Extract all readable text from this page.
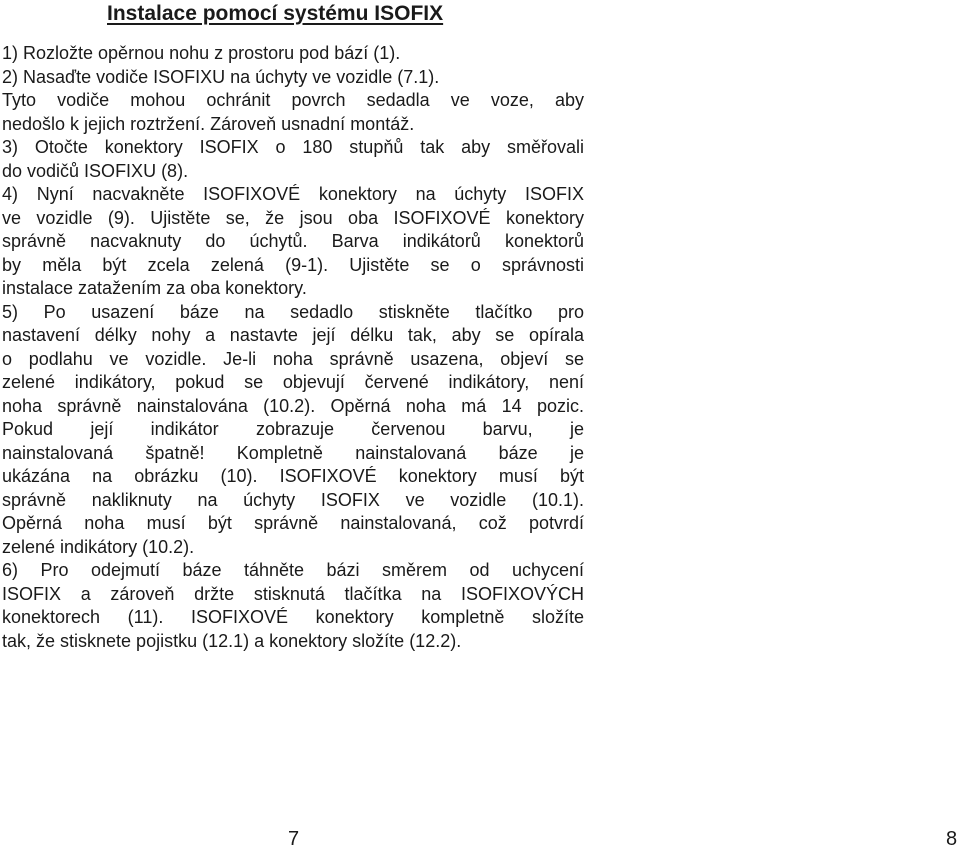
Instalace pomocí systému ISOFIX
1) Rozložte opěrnou nohu z prostoru pod bází (1).
2) Nasaďte vodiče ISOFIXU na úchyty ve vozidle (7.1).
Tyto vodiče mohou ochránit povrch sedadla ve voze, aby
nedošlo k jejich roztržení. Zároveň usnadní montáž.
3) Otočte konektory ISOFIX o 180 stupňů tak aby směřovali
do vodičů ISOFIXU (8).
4) Nyní nacvakněte ISOFIXOVÉ konektory na úchyty ISOFIX
ve vozidle (9). Ujistěte se, že jsou oba ISOFIXOVÉ konektory
správně nacvaknuty do úchytů. Barva indikátorů konektorů
by měla být zcela zelená (9-1). Ujistěte se o správnosti
instalace zatažením za oba konektory.
5) Po usazení báze na sedadlo stiskněte tlačítko pro
nastavení délky nohy a nastavte její délku tak, aby se opírala
o podlahu ve vozidle. Je-li noha správně usazena, objeví se
zelené indikátory, pokud se objevují červené indikátory, není
noha správně nainstalována (10.2). Opěrná noha má 14 pozic.
Pokud její indikátor zobrazuje červenou barvu, je
nainstalovaná špatně! Kompletně nainstalovaná báze je
ukázána na obrázku (10). ISOFIXOVÉ konektory musí být
správně nakliknuty na úchyty ISOFIX ve vozidle (10.1).
Opěrná noha musí být správně nainstalovaná, což potvrdí
zelené indikátory (10.2).
6) Pro odejmutí báze táhněte bázi směrem od uchycení
ISOFIX a zároveň držte stisknutá tlačítka na ISOFIXOVÝCH
konektorech (11). ISOFIXOVÉ konektory kompletně složíte
tak, že stisknete pojistku (12.1) a konektory složíte (12.2).
7	8
